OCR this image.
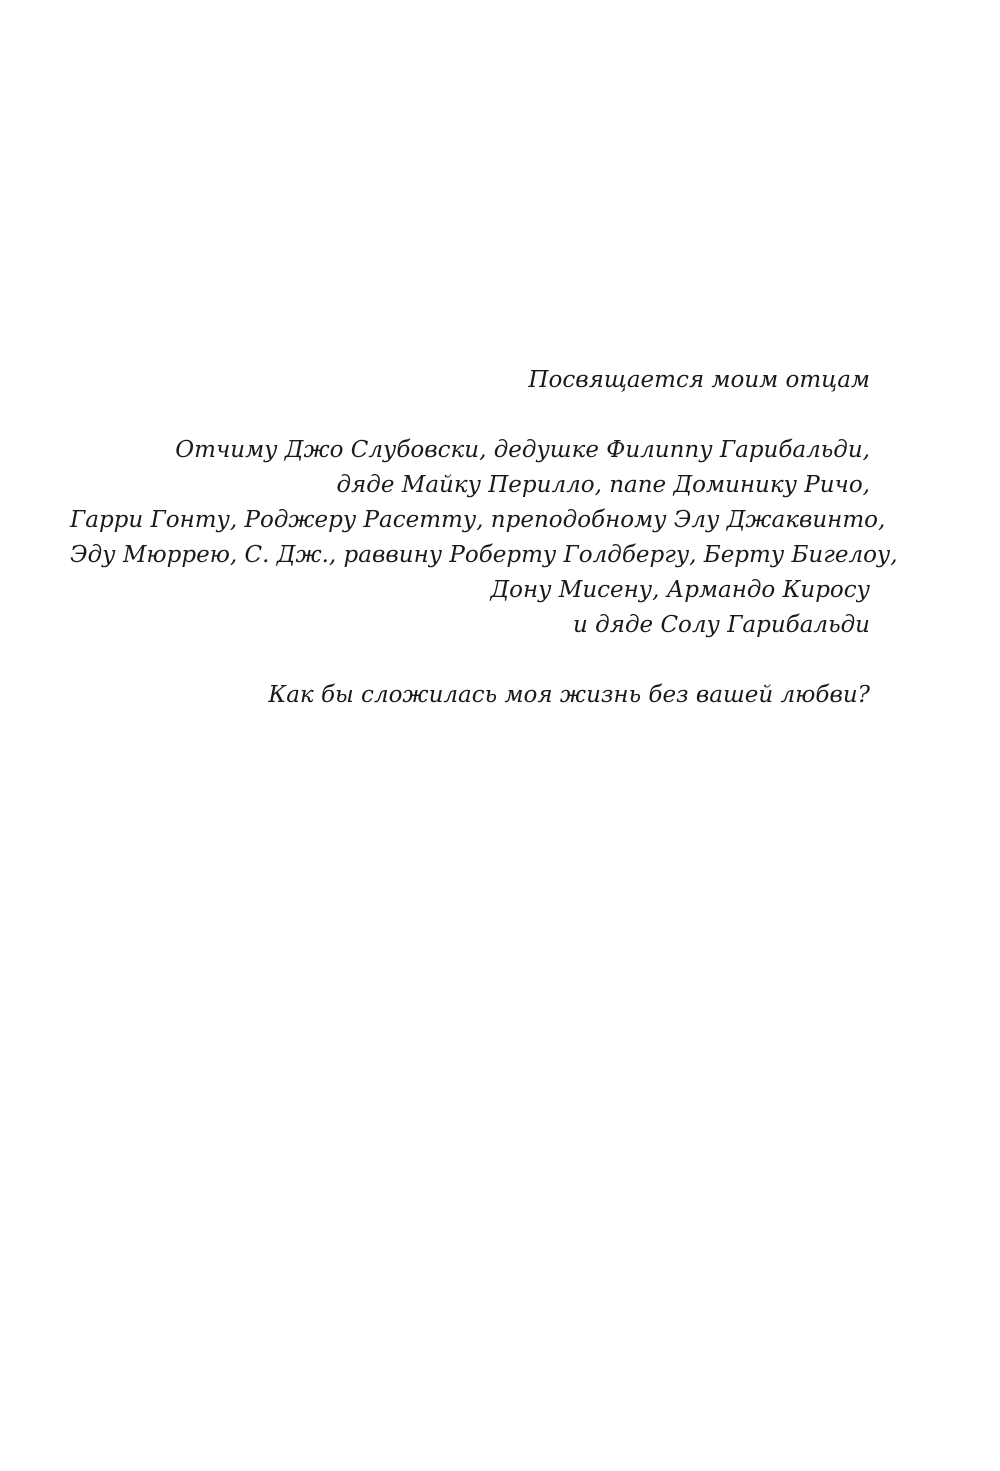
Посвящается моим отцам
Отчиму Джо Слубовски, дедушке Филиппу Гарибальди,
дяде Майку Перилло, папе Доминику Ричо,
Гарри Гонту, Роджеру Расетту, преподобному Элу Джаквинто,
Эду Мюррею, С. Дж., раввину Роберту Голдбергу, Берту Бигелоу,
Дону Мисену, Армандо Киросу
и дяде Солу Гарибальди
Как бы сложилась моя жизнь без вашей любви?
